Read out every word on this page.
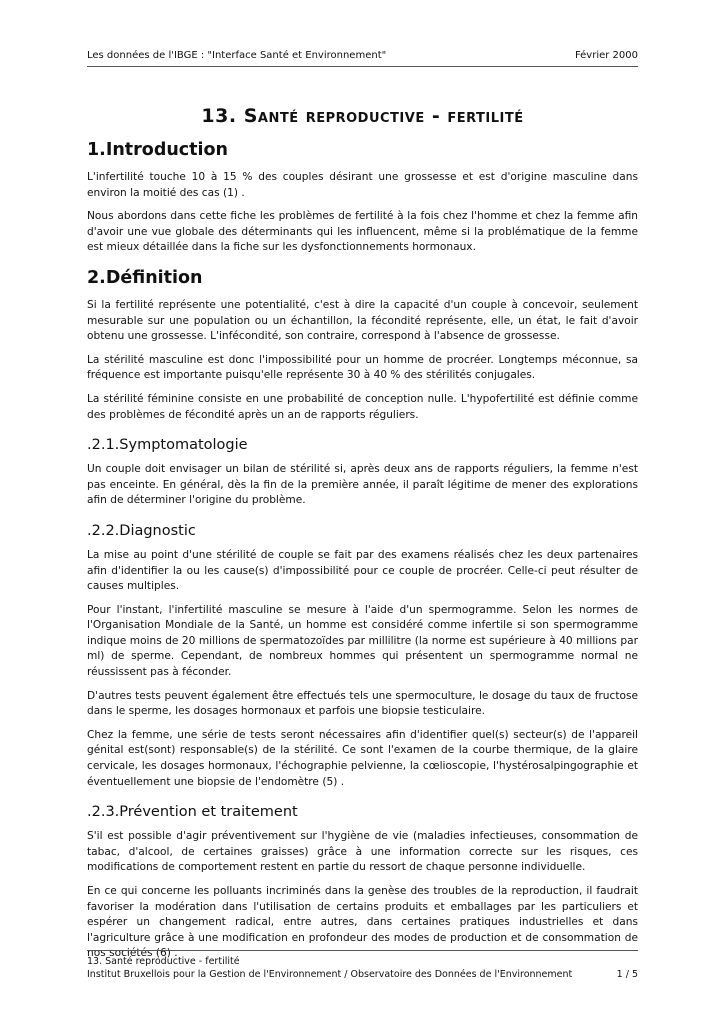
Les données de l'IBGE : "Interface Santé et Environnement"	Février 2000
13. Santé reproductive - fertilité
1.Introduction

L'infertilité touche 10 à 15 % des couples désirant une grossesse et est d'origine masculine dans environ la moitié des cas (1) .

Nous abordons dans cette fiche les problèmes de fertilité à la fois chez l'homme et chez la femme afin d'avoir une vue globale des déterminants qui les influencent, même si la problématique de la femme est mieux détaillée dans la fiche sur les dysfonctionnements hormonaux.

2.Définition

Si la fertilité représente une potentialité, c'est à dire la capacité d'un couple à concevoir, seulement mesurable sur une population ou un échantillon, la fécondité représente, elle, un état, le fait d'avoir obtenu une grossesse. L'infécondité, son contraire, correspond à l'absence de grossesse.

La stérilité masculine est donc l'impossibilité pour un homme de procréer. Longtemps méconnue, sa fréquence est importante puisqu'elle représente 30 à 40 % des stérilités conjugales.

La stérilité féminine consiste en une probabilité de conception nulle. L'hypofertilité est définie comme des problèmes de fécondité après un an de rapports réguliers.

.2.1.Symptomatologie

Un couple doit envisager un bilan de stérilité si, après deux ans de rapports réguliers, la femme n'est pas enceinte. En général, dès la fin de la première année, il paraît légitime de mener des explorations afin de déterminer l'origine du problème.

.2.2.Diagnostic

La mise au point d'une stérilité de couple se fait par des examens réalisés chez les deux partenaires afin d'identifier la ou les cause(s) d'impossibilité pour ce couple de procréer. Celle-ci peut résulter de causes multiples.

Pour l'instant, l'infertilité masculine se mesure à l'aide d'un spermogramme. Selon les normes de l'Organisation Mondiale de la Santé, un homme est considéré comme infertile si son spermogramme indique moins de 20 millions de spermatozoïdes par millilitre (la norme est supérieure à 40 millions par ml) de sperme. Cependant, de nombreux hommes qui présentent un spermogramme normal ne réussissent pas à féconder.

D'autres tests peuvent également être effectués tels une spermoculture, le dosage du taux de fructose dans le sperme, les dosages hormonaux et parfois une biopsie testiculaire.

Chez la femme, une série de tests seront nécessaires afin d'identifier quel(s) secteur(s) de l'appareil génital est(sont) responsable(s) de la stérilité. Ce sont l'examen de la courbe thermique, de la glaire cervicale, les dosages hormonaux, l'échographie pelvienne, la cœlioscopie, l'hystérosalpingographie et éventuellement une biopsie de l'endomètre (5) .

.2.3.Prévention et traitement

S'il est possible d'agir préventivement sur l'hygiène de vie (maladies infectieuses, consommation de tabac, d'alcool, de certaines graisses) grâce à une information correcte sur les risques, ces modifications de comportement restent en partie du ressort de chaque personne individuelle.

En ce qui concerne les polluants incriminés dans la genèse des troubles de la reproduction, il faudrait favoriser la modération dans l'utilisation de certains produits et emballages par les particuliers et espérer un changement radical, entre autres, dans certaines pratiques industrielles et dans l'agriculture grâce à une modification en profondeur des modes de production et de consommation de nos sociétés (6) .

13. Santé reproductive - fertilité
Institut Bruxellois pour la Gestion de l'Environnement / Observatoire des Données de l'Environnement	1 / 5
